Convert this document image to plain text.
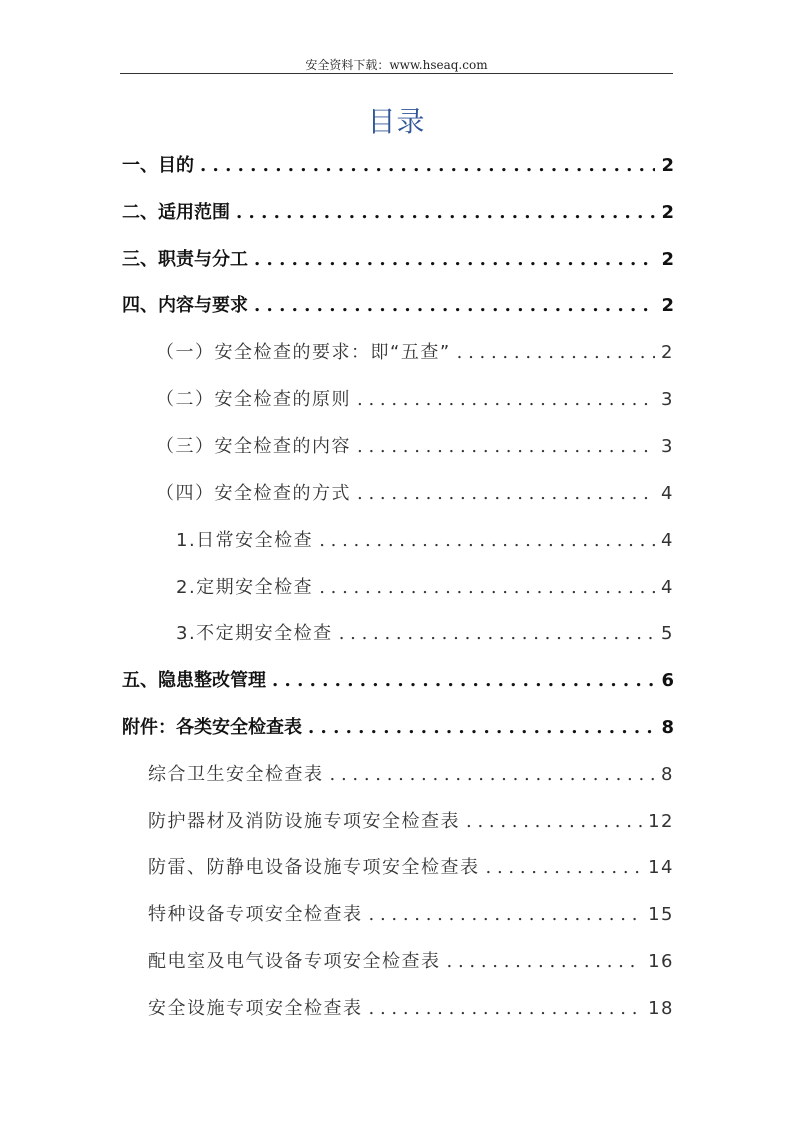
安全资料下载：www.hseaq.com
目录
一、目的 . . .	2
二、适用范围 . . .	2
三、职责与分工 . . .	2
四、内容与要求 . . .	2
（一）安全检查的要求：即“五查” . . .	2
（二）安全检查的原则 . . .	3
（三）安全检查的内容 . . .	3
（四）安全检查的方式 . . .	4
1.日常安全检查 . . .	4
2.定期安全检查 . . .	4
3.不定期安全检查 . . .	5
五、隐患整改管理 . . .	6
附件：各类安全检查表 . . .	8
综合卫生安全检查表 . . .	8
防护器材及消防设施专项安全检查表 . . .	12
防雷、防静电设备设施专项安全检查表 . . .	14
特种设备专项安全检查表 . . .	15
配电室及电气设备专项安全检查表 . . .	16
安全设施专项安全检查表 . . .	18
